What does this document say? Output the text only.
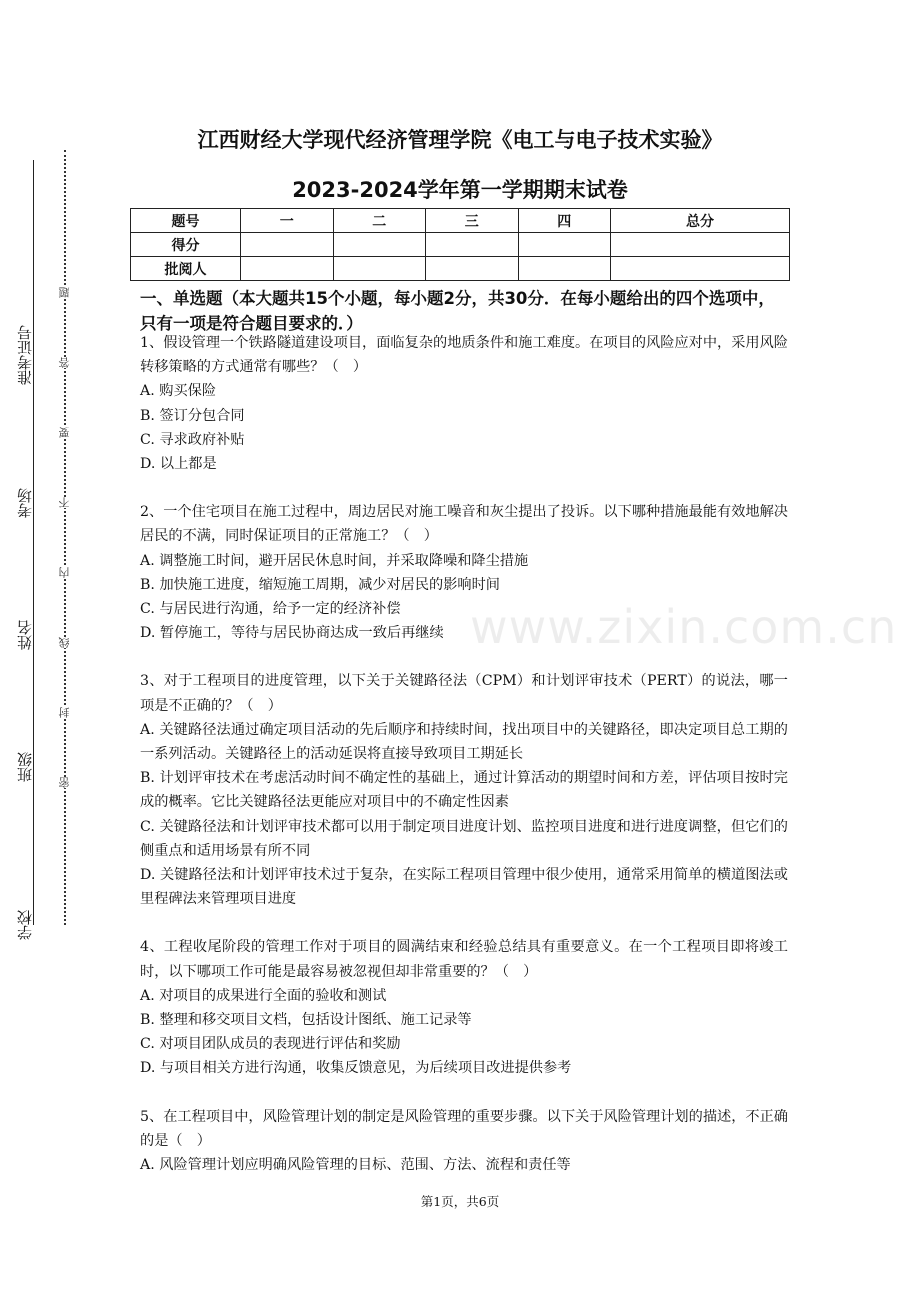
准考证号
考场
姓名
班级
学校
题
答
要
不
内
线
封
密
江西财经大学现代经济管理学院《电工与电子技术实验》
2023-2024学年第一学期期末试卷
题号	一	二	三	四	总分
得分					
批阅人					
一、单选题（本大题共15个小题，每小题2分，共30分．在每小题给出的四个选项中，只有一项是符合题目要求的．）

1、假设管理一个铁路隧道建设项目，面临复杂的地质条件和施工难度。在项目的风险应对中，采用风险转移策略的方式通常有哪些？（　）

A. 购买保险

B. 签订分包合同

C. 寻求政府补贴

D. 以上都是

2、一个住宅项目在施工过程中，周边居民对施工噪音和灰尘提出了投诉。以下哪种措施最能有效地解决居民的不满，同时保证项目的正常施工？（　）

A. 调整施工时间，避开居民休息时间，并采取降噪和降尘措施

B. 加快施工进度，缩短施工周期，减少对居民的影响时间

C. 与居民进行沟通，给予一定的经济补偿

D. 暂停施工，等待与居民协商达成一致后再继续

3、对于工程项目的进度管理，以下关于关键路径法（CPM）和计划评审技术（PERT）的说法，哪一项是不正确的？（　）

A. 关键路径法通过确定项目活动的先后顺序和持续时间，找出项目中的关键路径，即决定项目总工期的一系列活动。关键路径上的活动延误将直接导致项目工期延长

B. 计划评审技术在考虑活动时间不确定性的基础上，通过计算活动的期望时间和方差，评估项目按时完成的概率。它比关键路径法更能应对项目中的不确定性因素

C. 关键路径法和计划评审技术都可以用于制定项目进度计划、监控项目进度和进行进度调整，但它们的侧重点和适用场景有所不同

D. 关键路径法和计划评审技术过于复杂，在实际工程项目管理中很少使用，通常采用简单的横道图法或里程碑法来管理项目进度

4、工程收尾阶段的管理工作对于项目的圆满结束和经验总结具有重要意义。在一个工程项目即将竣工时，以下哪项工作可能是最容易被忽视但却非常重要的？（　）

A. 对项目的成果进行全面的验收和测试

B. 整理和移交项目文档，包括设计图纸、施工记录等

C. 对项目团队成员的表现进行评估和奖励

D. 与项目相关方进行沟通，收集反馈意见，为后续项目改进提供参考

5、在工程项目中，风险管理计划的制定是风险管理的重要步骤。以下关于风险管理计划的描述，不正确的是（　）

A. 风险管理计划应明确风险管理的目标、范围、方法、流程和责任等

www.zixin.com.cn
第1页，共6页
